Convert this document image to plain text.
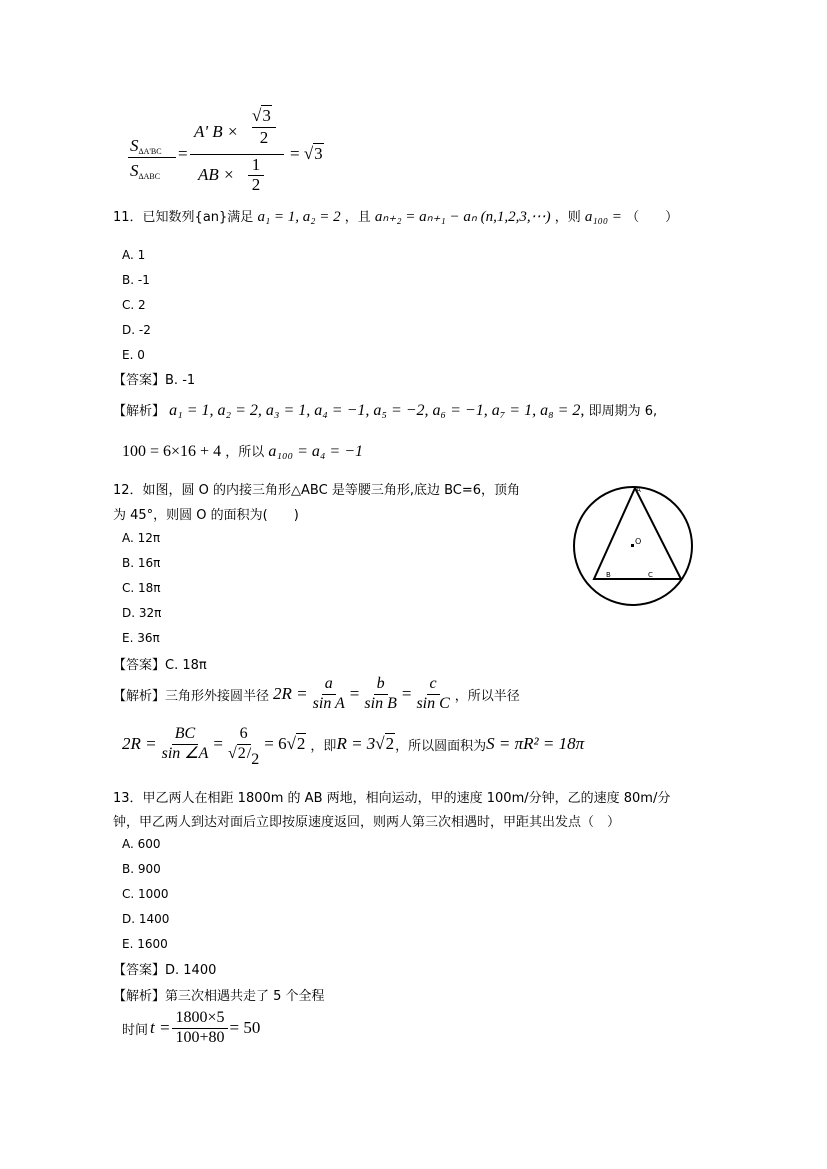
$S_{\Delta A'BC}$
$S_{\Delta ABC}$
=
A' B ×
√3
2
AB ×
1
2
= √3
11．已知数列{an}满足 a₁ = 1, a₂ = 2 ，且 aₙ₊₂ = aₙ₊₁ − aₙ (n,1,2,3,⋯) ，则 a₁₀₀ = （　　）
A. 1
B. -1
C. 2
D. -2
E. 0
【答案】B. -1
【解析】 a₁ = 1, a₂ = 2, a₃ = 1, a₄ = −1, a₅ = −2, a₆ = −1, a₇ = 1, a₈ = 2, 即周期为 6,
100 = 6×16 + 4 ，所以 a₁₀₀ = a₄ = −1
12．如图，圆 O 的内接三角形△ABC 是等腰三角形,底边 BC=6，顶角
为 45°，则圆 O 的面积为(　　)
A. 12π
B. 16π
C. 18π
D. 32π
E. 36π
A
O
B	C
【答案】C. 18π
【解析】 三角形外接圆半径 $2R = \frac{a}{\text{sin A}} = \frac{b}{\text{sin B}} = \frac{c}{\text{sin C}}$ ，所以半径
$2R = \frac{BC}{\sin \angle A} = \frac{6}{√2/2} = 6$ √2 ，即 R = 3 √2 ，所以圆面积为 S = πR² = 18π
13．甲乙两人在相距 1800m 的 AB 两地，相向运动，甲的速度 100m/分钟，乙的速度 80m/分
钟，甲乙两人到达对面后立即按原速度返回，则两人第三次相遇时，甲距其出发点（　）
A. 600
B. 900
C. 1000
D. 1400
E. 1600
【答案】D. 1400
【解析】第三次相遇共走了 5 个全程
时间 $t = \frac{1800\times 5}{100+80} = 50$
